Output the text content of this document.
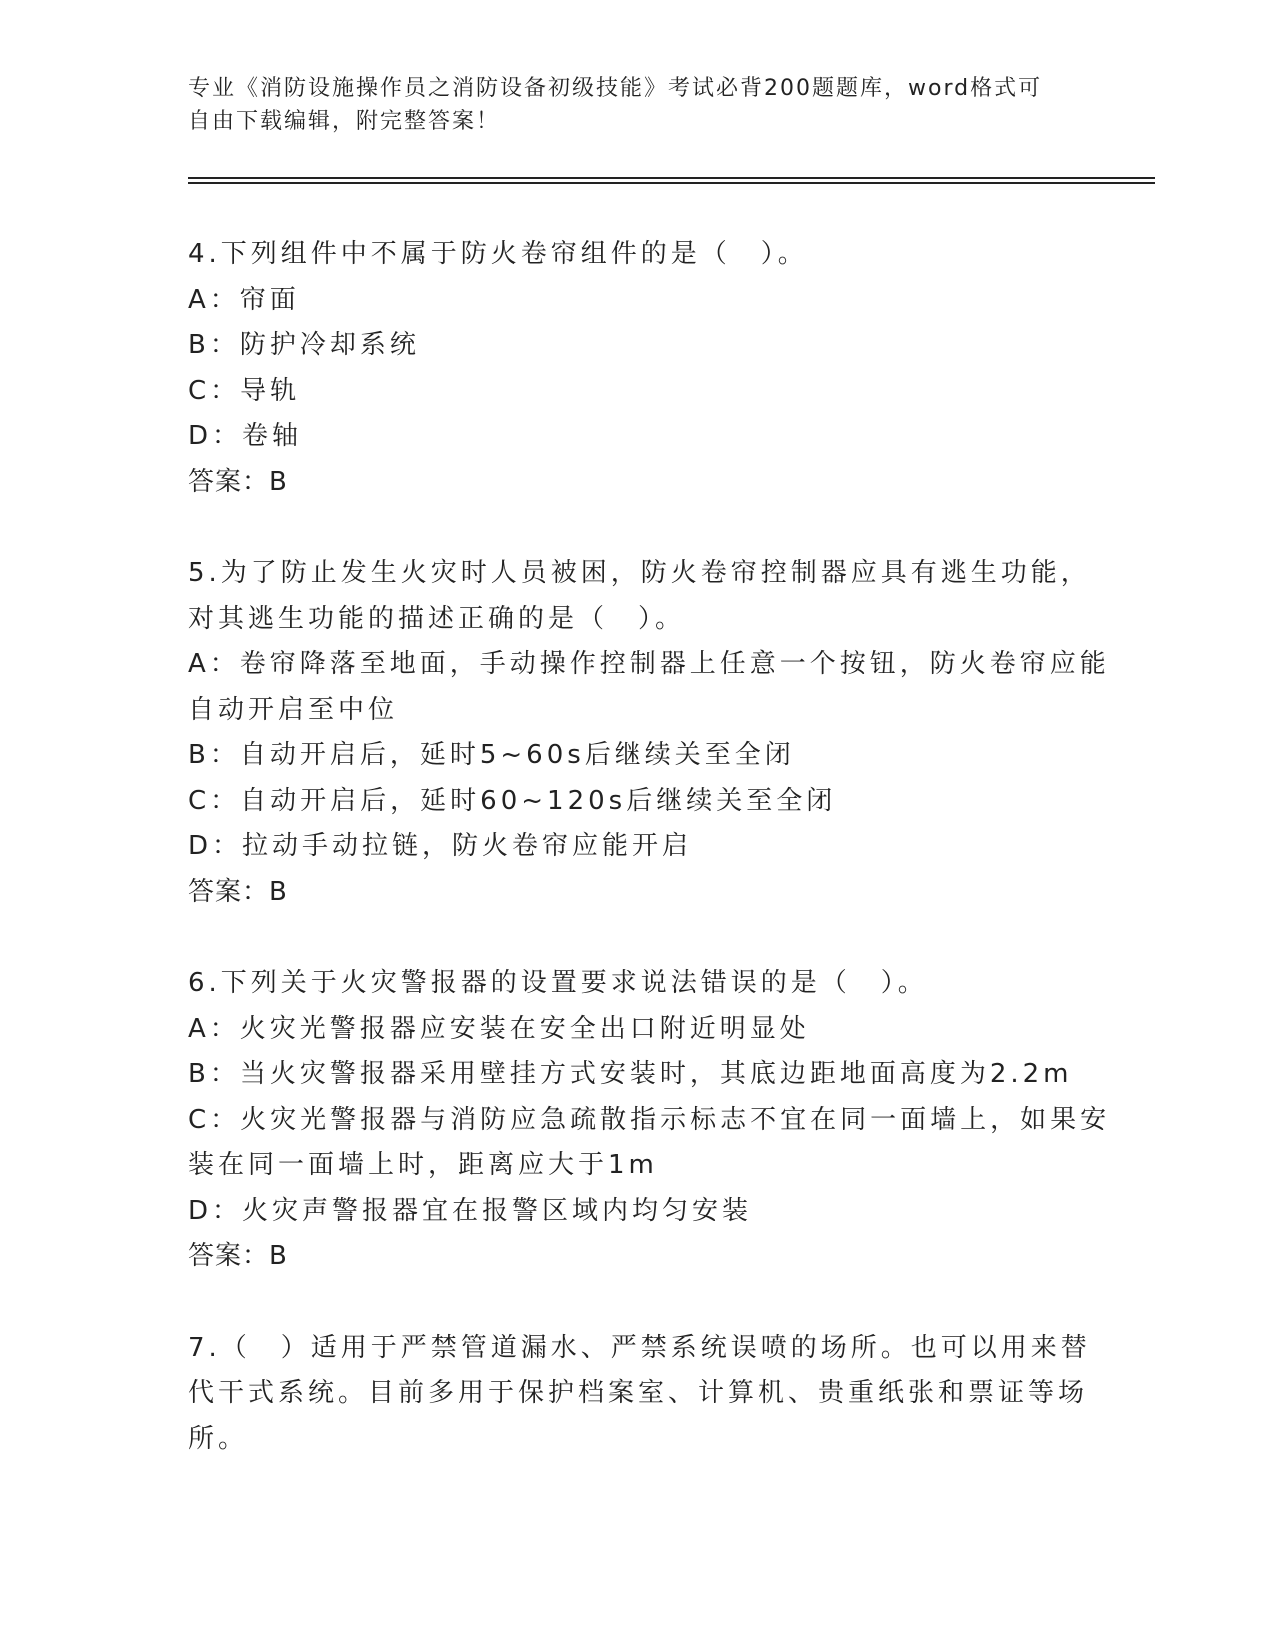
专业《消防设施操作员之消防设备初级技能》考试必背200题题库，word格式可
自由下载编辑，附完整答案！
4.下列组件中不属于防火卷帘组件的是（　）。
A：帘面
B：防护冷却系统
C：导轨
D：卷轴
答案：B
5.为了防止发生火灾时人员被困，防火卷帘控制器应具有逃生功能，
对其逃生功能的描述正确的是（　）。
A：卷帘降落至地面，手动操作控制器上任意一个按钮，防火卷帘应能
自动开启至中位
B：自动开启后，延时5~60s后继续关至全闭
C：自动开启后，延时60~120s后继续关至全闭
D：拉动手动拉链，防火卷帘应能开启
答案：B
6.下列关于火灾警报器的设置要求说法错误的是（　）。
A：火灾光警报器应安装在安全出口附近明显处
B：当火灾警报器采用壁挂方式安装时，其底边距地面高度为2.2m
C：火灾光警报器与消防应急疏散指示标志不宜在同一面墙上，如果安
装在同一面墙上时，距离应大于1m
D：火灾声警报器宜在报警区域内均匀安装
答案：B
7.（　）适用于严禁管道漏水、严禁系统误喷的场所。也可以用来替
代干式系统。目前多用于保护档案室、计算机、贵重纸张和票证等场
所。
